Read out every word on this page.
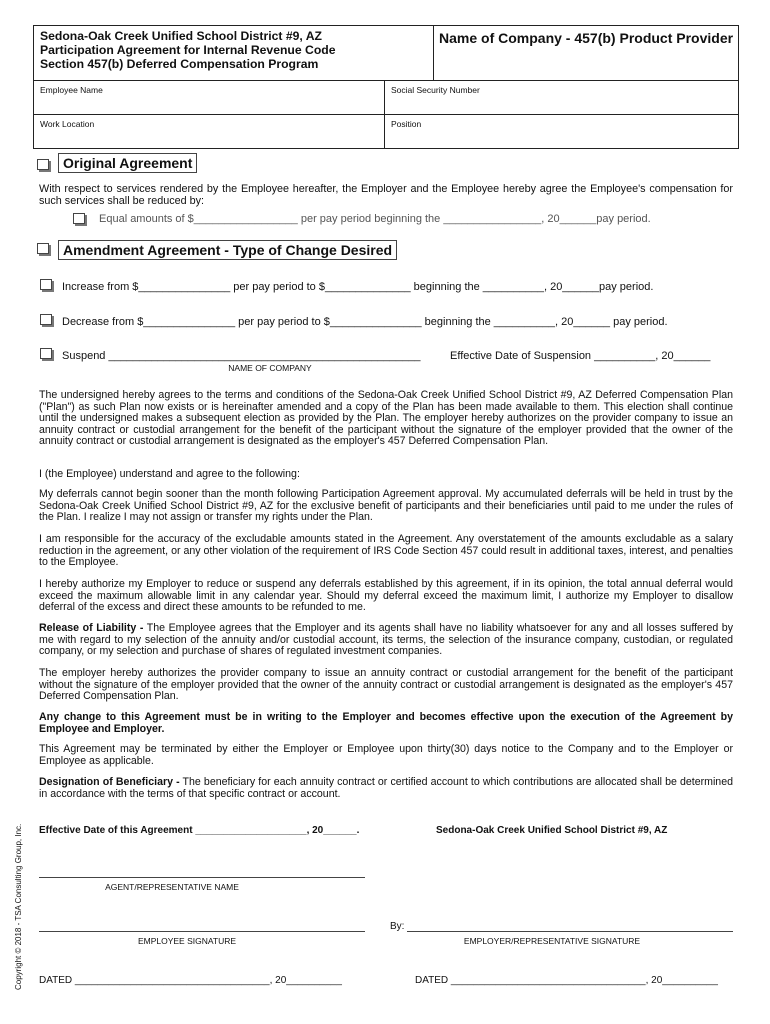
Sedona-Oak Creek Unified School District #9, AZ
Participation Agreement for Internal Revenue Code
Section 457(b) Deferred Compensation Program
Name of Company - 457(b) Product Provider
Employee Name	Social Security Number
Work Location	Position
Original Agreement
With respect to services rendered by the Employee hereafter, the Employer and the Employee hereby agree the Employee's compensation for such services shall be reduced by:
Equal amounts of $_________________ per pay period beginning the ________________, 20______pay period.
Amendment Agreement - Type of Change Desired
Increase from $_______________ per pay period to $______________ beginning the __________, 20______pay period.
Decrease from $_______________ per pay period to $_______________ beginning the __________, 20______ pay period.
Suspend ___________________________________________________	Effective Date of Suspension __________, 20______
NAME OF COMPANY
The undersigned hereby agrees to the terms and conditions of the Sedona-Oak Creek Unified School District #9, AZ Deferred Compensation Plan ("Plan") as such Plan now exists or is hereinafter amended and a copy of the Plan has been made available to them. This election shall continue until the undersigned makes a subsequent election as provided by the Plan. The employer hereby authorizes on the provider company to issue an annuity contract or custodial arrangement for the benefit of the participant without the signature of the employer provided that the owner of the annuity contract or custodial arrangement is designated as the employer's 457 Deferred Compensation Plan.
I (the Employee) understand and agree to the following:
My deferrals cannot begin sooner than the month following Participation Agreement approval. My accumulated deferrals will be held in trust by the Sedona-Oak Creek Unified School District #9, AZ for the exclusive benefit of participants and their beneficiaries until paid to me under the rules of the Plan. I realize I may not assign or transfer my rights under the Plan.
I am responsible for the accuracy of the excludable amounts stated in the Agreement. Any overstatement of the amounts excludable as a salary reduction in the agreement, or any other violation of the requirement of IRS Code Section 457 could result in additional taxes, interest, and penalties to the Employee.
I hereby authorize my Employer to reduce or suspend any deferrals established by this agreement, if in its opinion, the total annual deferral would exceed the maximum allowable limit in any calendar year. Should my deferral exceed the maximum limit, I authorize my Employer to disallow deferral of the excess and direct these amounts to be refunded to me.
Release of Liability - The Employee agrees that the Employer and its agents shall have no liability whatsoever for any and all losses suffered by me with regard to my selection of the annuity and/or custodial account, its terms, the selection of the insurance company, custodian, or regulated company, or my selection and purchase of shares of regulated investment companies.
The employer hereby authorizes the provider company to issue an annuity contract or custodial arrangement for the benefit of the participant without the signature of the employer provided that the owner of the annuity contract or custodial arrangement is designated as the employer's 457 Deferred Compensation Plan.
Any change to this Agreement must be in writing to the Employer and becomes effective upon the execution of the Agreement by Employee and Employer.
This Agreement may be terminated by either the Employer or Employee upon thirty(30) days notice to the Company and to the Employer or Employee as applicable.
Designation of Beneficiary - The beneficiary for each annuity contract or certified account to which contributions are allocated shall be determined in accordance with the terms of that specific contract or account.
Effective Date of this Agreement ____________________, 20______.	Sedona-Oak Creek Unified School District #9, AZ
AGENT/REPRESENTATIVE NAME
EMPLOYEE SIGNATURE
By:
EMPLOYER/REPRESENTATIVE SIGNATURE
DATED ___________________________________, 20__________	DATED ___________________________________, 20__________
Copyright © 2018 - TSA Consulting Group, Inc.
